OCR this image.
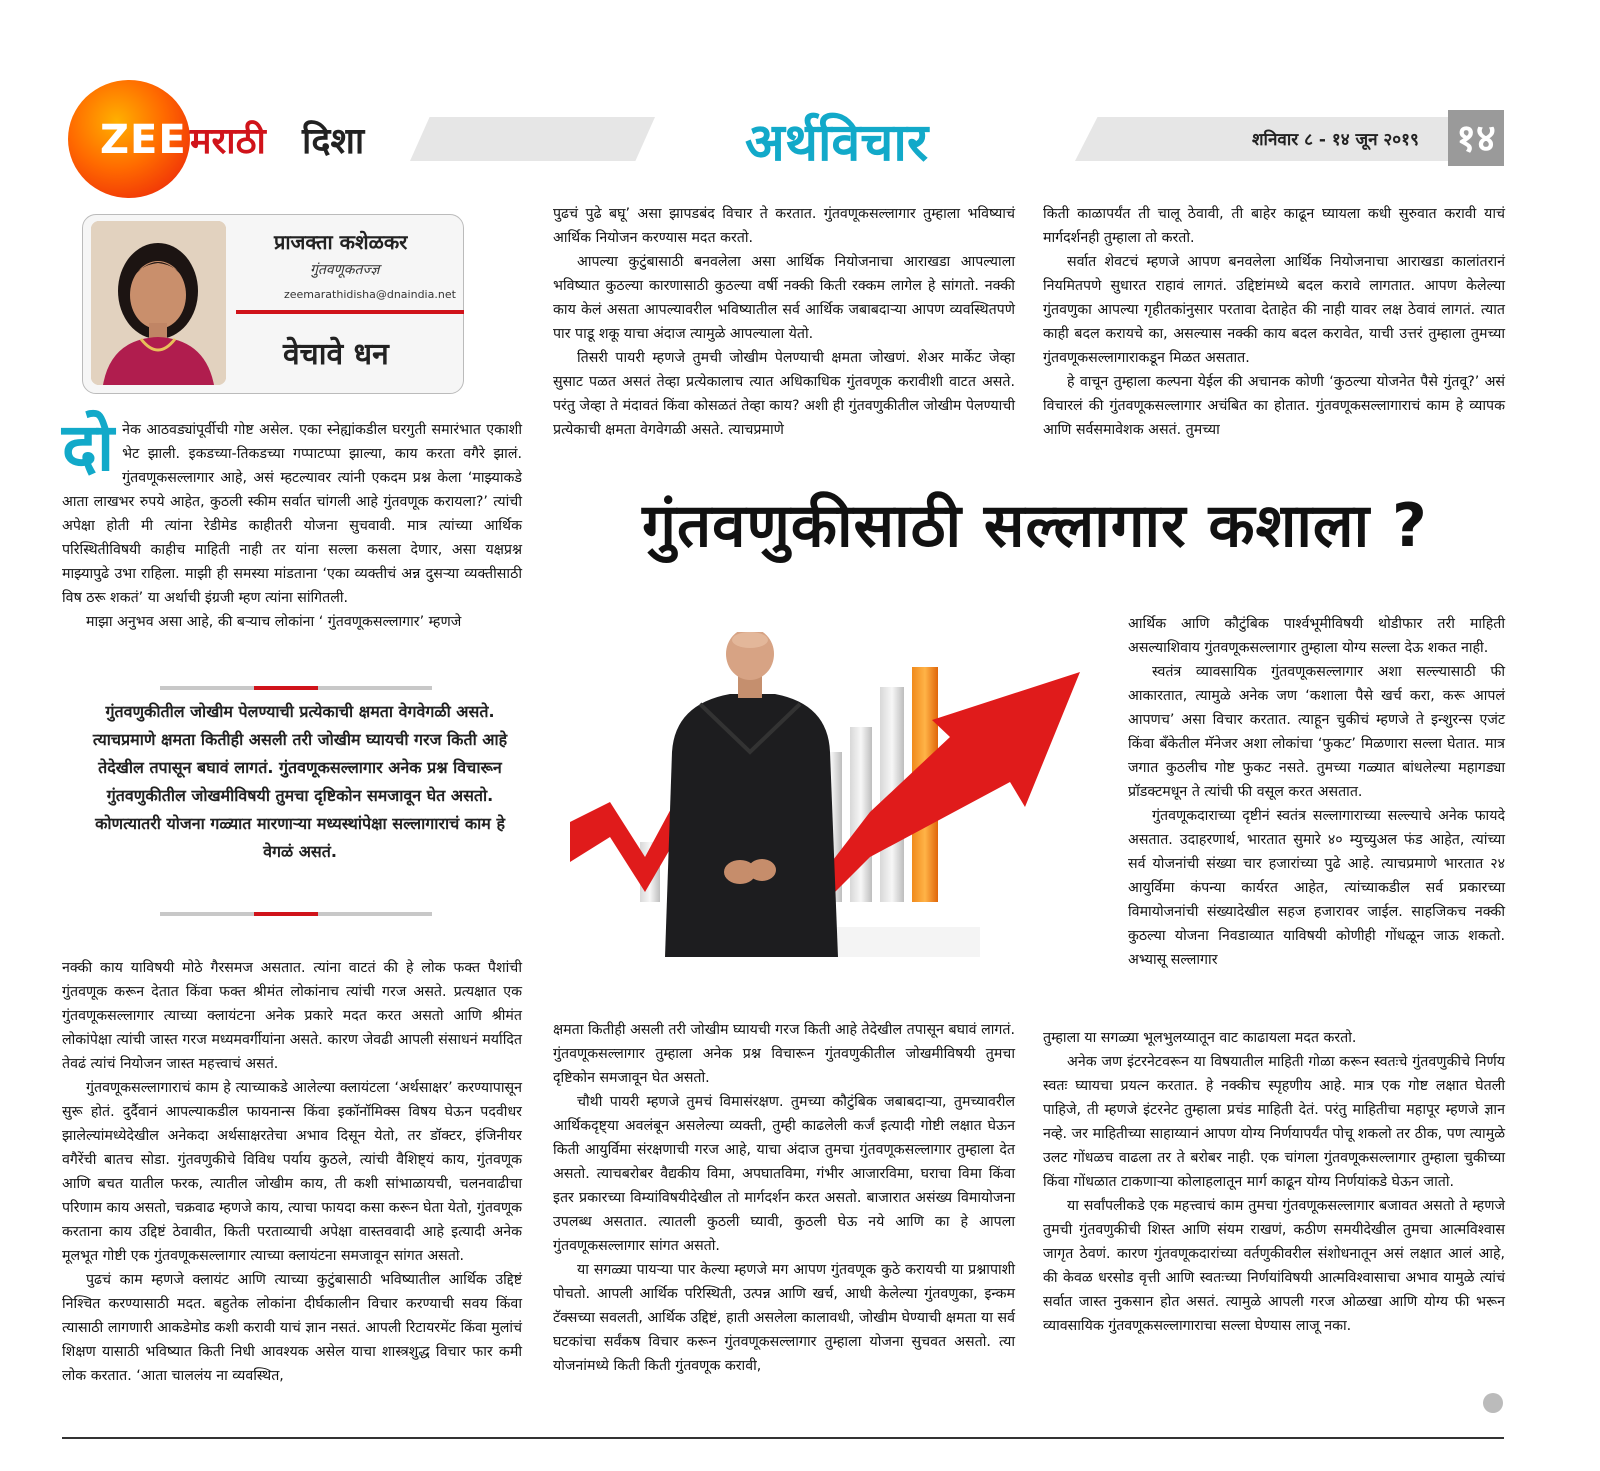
ZEE मराठी दिशा	अर्थविचार	शनिवार ८ - १४ जून २०१९ १४
प्राजक्ता कशेळकर
गुंतवणूकतज्ज्ञ
zeemarathidisha@dnaindia.net
वेचावे धन

दोनेक आठवड्यांपूर्वीची गोष्ट असेल. एका स्नेह्यांकडील घरगुती समारंभात एकाशी भेट झाली. इकडच्या-तिकडच्या गप्पाटप्पा झाल्या, काय करता वगैरे झालं. गुंतवणूकसल्लागार आहे, असं म्हटल्यावर त्यांनी एकदम प्रश्न केला ‘माझ्याकडे आता लाखभर रुपये आहेत, कुठली स्कीम सर्वात चांगली आहे गुंतवणूक करायला?’ त्यांची अपेक्षा होती मी त्यांना रेडीमेड काहीतरी योजना सुचवावी. मात्र त्यांच्या आर्थिक परिस्थितीविषयी काहीच माहिती नाही तर यांना सल्ला कसला देणार, असा यक्षप्रश्न माझ्यापुढे उभा राहिला. माझी ही समस्या मांडताना ‘एका व्यक्तीचं अन्न दुसऱ्या व्यक्तीसाठी विष ठरू शकतं’ या अर्थाची इंग्रजी म्हण त्यांना सांगितली.

माझा अनुभव असा आहे, की बऱ्याच लोकांना ‘ गुंतवणूकसल्लागार’ म्हणजे

गुंतवणुकीतील जोखीम पेलण्याची प्रत्येकाची क्षमता वेगवेगळी असते. त्याचप्रमाणे क्षमता कितीही असली तरी जोखीम घ्यायची गरज किती आहे तेदेखील तपासून बघावं लागतं. गुंतवणूकसल्लागार अनेक प्रश्न विचारून गुंतवणुकीतील जोखमीविषयी तुमचा दृष्टिकोन समजावून घेत असतो. कोणत्यातरी योजना गळ्यात मारणाऱ्या मध्यस्थांपेक्षा सल्लागाराचं काम हे वेगळं असतं.

नक्की काय याविषयी मोठे गैरसमज असतात. त्यांना वाटतं की हे लोक फक्त पैशांची गुंतवणूक करून देतात किंवा फक्त श्रीमंत लोकांनाच त्यांची गरज असते. प्रत्यक्षात एक गुंतवणूकसल्लागार त्याच्या क्लायंटना अनेक प्रकारे मदत करत असतो आणि श्रीमंत लोकांपेक्षा त्यांची जास्त गरज मध्यमवर्गीयांना असते. कारण जेवढी आपली संसाधनं मर्यादित तेवढं त्यांचं नियोजन जास्त महत्त्वाचं असतं.

गुंतवणूकसल्लागाराचं काम हे त्याच्याकडे आलेल्या क्लायंटला ‘अर्थसाक्षर’ करण्यापासून सुरू होतं. दुर्दैवानं आपल्याकडील फायनान्स किंवा इकॉनॉमिक्स विषय घेऊन पदवीधर झालेल्यांमध्येदेखील अनेकदा अर्थसाक्षरतेचा अभाव दिसून येतो, तर डॉक्टर, इंजिनीयर वगैरेंची बातच सोडा. गुंतवणुकीचे विविध पर्याय कुठले, त्यांची वैशिष्ट्यं काय, गुंतवणूक आणि बचत यातील फरक, त्यातील जोखीम काय, ती कशी सांभाळायची, चलनवाढीचा परिणाम काय असतो, चक्रवाढ म्हणजे काय, त्याचा फायदा कसा करून घेता येतो, गुंतवणूक करताना काय उद्दिष्टं ठेवावीत, किती परताव्याची अपेक्षा वास्तववादी आहे इत्यादी अनेक मूलभूत गोष्टी एक गुंतवणूकसल्लागार त्याच्या क्लायंटना समजावून सांगत असतो.

पुढचं काम म्हणजे क्लायंट आणि त्याच्या कुटुंबासाठी भविष्यातील आर्थिक उद्दिष्टं निश्चित करण्यासाठी मदत. बहुतेक लोकांना दीर्घकालीन विचार करण्याची सवय किंवा त्यासाठी लागणारी आकडेमोड कशी करावी याचं ज्ञान नसतं. आपली रिटायरमेंट किंवा मुलांचं शिक्षण यासाठी भविष्यात किती निधी आवश्यक असेल याचा शास्त्रशुद्ध विचार फार कमी लोक करतात. ‘आता चाललंय ना व्यवस्थित,

पुढचं पुढे बघू’ असा झापडबंद विचार ते करतात. गुंतवणूकसल्लागार तुम्हाला भविष्याचं आर्थिक नियोजन करण्यास मदत करतो.

आपल्या कुटुंबासाठी बनवलेला असा आर्थिक नियोजनाचा आराखडा आपल्याला भविष्यात कुठल्या कारणासाठी कुठल्या वर्षी नक्की किती रक्कम लागेल हे सांगतो. नक्की काय केलं असता आपल्यावरील भविष्यातील सर्व आर्थिक जबाबदाऱ्या आपण व्यवस्थितपणे पार पाडू शकू याचा अंदाज त्यामुळे आपल्याला येतो.

तिसरी पायरी म्हणजे तुमची जोखीम पेलण्याची क्षमता जोखणं. शेअर मार्केट जेव्हा सुसाट पळत असतं तेव्हा प्रत्येकालाच त्यात अधिकाधिक गुंतवणूक करावीशी वाटत असते. परंतु जेव्हा ते मंदावतं किंवा कोसळतं तेव्हा काय? अशी ही गुंतवणुकीतील जोखीम पेलण्याची प्रत्येकाची क्षमता वेगवेगळी असते. त्याचप्रमाणे

किती काळापर्यंत ती चालू ठेवावी, ती बाहेर काढून घ्यायला कधी सुरुवात करावी याचं मार्गदर्शनही तुम्हाला तो करतो.

सर्वात शेवटचं म्हणजे आपण बनवलेला आर्थिक नियोजनाचा आराखडा कालांतरानं नियमितपणे सुधारत राहावं लागतं. उद्दिष्टांमध्ये बदल करावे लागतात. आपण केलेल्या गुंतवणुका आपल्या गृहीतकांनुसार परतावा देताहेत की नाही यावर लक्ष ठेवावं लागतं. त्यात काही बदल करायचे का, असल्यास नक्की काय बदल करावेत, याची उत्तरं तुम्हाला तुमच्या गुंतवणूकसल्लागाराकडून मिळत असतात.

हे वाचून तुम्हाला कल्पना येईल की अचानक कोणी ‘कुठल्या योजनेत पैसे गुंतवू?’ असं विचारलं की गुंतवणूकसल्लागार अचंबित का होतात. गुंतवणूकसल्लागाराचं काम हे व्यापक आणि सर्वसमावेशक असतं. तुमच्या

गुंतवणुकीसाठी सल्लागार कशाला ?

क्षमता कितीही असली तरी जोखीम घ्यायची गरज किती आहे तेदेखील तपासून बघावं लागतं. गुंतवणूकसल्लागार तुम्हाला अनेक प्रश्न विचारून गुंतवणुकीतील जोखमीविषयी तुमचा दृष्टिकोन समजावून घेत असतो.

चौथी पायरी म्हणजे तुमचं विमासंरक्षण. तुमच्या कौटुंबिक जबाबदाऱ्या, तुमच्यावरील आर्थिकदृष्ट्या अवलंबून असलेल्या व्यक्ती, तुम्ही काढलेली कर्जं इत्यादी गोष्टी लक्षात घेऊन किती आयुर्विमा संरक्षणाची गरज आहे, याचा अंदाज तुमचा गुंतवणूकसल्लागार तुम्हाला देत असतो. त्याचबरोबर वैद्यकीय विमा, अपघातविमा, गंभीर आजारविमा, घराचा विमा किंवा इतर प्रकारच्या विम्यांविषयीदेखील तो मार्गदर्शन करत असतो. बाजारात असंख्य विमायोजना उपलब्ध असतात. त्यातली कुठली घ्यावी, कुठली घेऊ नये आणि का हे आपला गुंतवणूकसल्लागार सांगत असतो.

या सगळ्या पायऱ्या पार केल्या म्हणजे मग आपण गुंतवणूक कुठे करायची या प्रश्नापाशी पोचतो. आपली आर्थिक परिस्थिती, उत्पन्न आणि खर्च, आधी केलेल्या गुंतवणुका, इन्कम टॅक्सच्या सवलती, आर्थिक उद्दिष्टं, हाती असलेला कालावधी, जोखीम घेण्याची क्षमता या सर्व घटकांचा सर्वंकष विचार करून गुंतवणूकसल्लागार तुम्हाला योजना सुचवत असतो. त्या योजनांमध्ये किती किती गुंतवणूक करावी,

आर्थिक आणि कौटुंबिक पार्श्वभूमीविषयी थोडीफार तरी माहिती असल्याशिवाय गुंतवणूकसल्लागार तुम्हाला योग्य सल्ला देऊ शकत नाही.

स्वतंत्र व्यावसायिक गुंतवणूकसल्लागार अशा सल्ल्यासाठी फी आकारतात, त्यामुळे अनेक जण ‘कशाला पैसे खर्च करा, करू आपलं आपणच’ असा विचार करतात. त्याहून चुकीचं म्हणजे ते इन्शुरन्स एजंट किंवा बँकेतील मॅनेजर अशा लोकांचा ‘फुकट’ मिळणारा सल्ला घेतात. मात्र जगात कुठलीच गोष्ट फुकट नसते. तुमच्या गळ्यात बांधलेल्या महागड्या प्रॉडक्टमधून ते त्यांची फी वसूल करत असतात.

गुंतवणूकदाराच्या दृष्टीनं स्वतंत्र सल्लागाराच्या सल्ल्याचे अनेक फायदे असतात. उदाहरणार्थ, भारतात सुमारे ४० म्युच्युअल फंड आहेत, त्यांच्या सर्व योजनांची संख्या चार हजारांच्या पुढे आहे. त्याचप्रमाणे भारतात २४ आयुर्विमा कंपन्या कार्यरत आहेत, त्यांच्याकडील सर्व प्रकारच्या विमायोजनांची संख्यादेखील सहज हजारावर जाईल. साहजिकच नक्की कुठल्या योजना निवडाव्यात याविषयी कोणीही गोंधळून जाऊ शकतो. अभ्यासू सल्लागार

तुम्हाला या सगळ्या भूलभुलय्यातून वाट काढायला मदत करतो.

अनेक जण इंटरनेटवरून या विषयातील माहिती गोळा करून स्वतःचे गुंतवणुकीचे निर्णय स्वतः घ्यायचा प्रयत्न करतात. हे नक्कीच स्पृहणीय आहे. मात्र एक गोष्ट लक्षात घेतली पाहिजे, ती म्हणजे इंटरनेट तुम्हाला प्रचंड माहिती देतं. परंतु माहितीचा महापूर म्हणजे ज्ञान नव्हे. जर माहितीच्या साहाय्यानं आपण योग्य निर्णयापर्यंत पोचू शकलो तर ठीक, पण त्यामुळे उलट गोंधळच वाढला तर ते बरोबर नाही. एक चांगला गुंतवणूकसल्लागार तुम्हाला चुकीच्या किंवा गोंधळात टाकणाऱ्या कोलाहलातून मार्ग काढून योग्य निर्णयांकडे घेऊन जातो.

या सर्वांपलीकडे एक महत्त्वाचं काम तुमचा गुंतवणूकसल्लागार बजावत असतो ते म्हणजे तुमची गुंतवणुकीची शिस्त आणि संयम राखणं, कठीण समयीदेखील तुमचा आत्मविश्वास जागृत ठेवणं. कारण गुंतवणूकदारांच्या वर्तणुकीवरील संशोधनातून असं लक्षात आलं आहे, की केवळ धरसोड वृत्ती आणि स्वतःच्या निर्णयांविषयी आत्मविश्वासाचा अभाव यामुळे त्यांचं सर्वात जास्त नुकसान होत असतं. त्यामुळे आपली गरज ओळखा आणि योग्य फी भरून व्यावसायिक गुंतवणूकसल्लागाराचा सल्ला घेण्यास लाजू नका.
